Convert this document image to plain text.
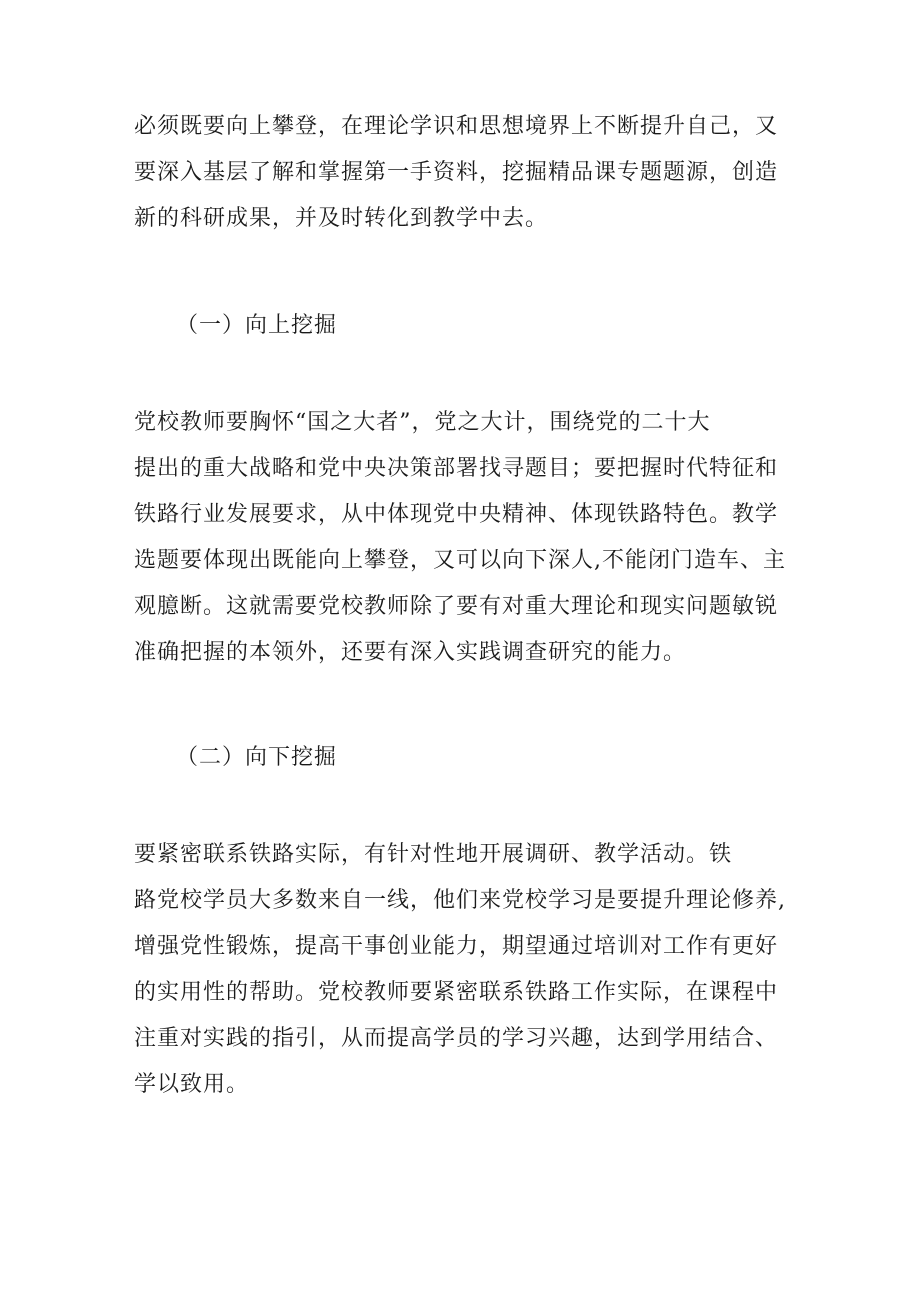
必须既要向上攀登，在理论学识和思想境界上不断提升自己，又
要深入基层了解和掌握第一手资料，挖掘精品课专题题源，创造
新的科研成果，并及时转化到教学中去。
（一）向上挖掘
党校教师要胸怀“国之大者”，党之大计，围绕党的二十大
提出的重大战略和党中央决策部署找寻题目；要把握时代特征和
铁路行业发展要求，从中体现党中央精神、体现铁路特色。教学
选题要体现出既能向上攀登，又可以向下深人,不能闭门造车、主
观臆断。这就需要党校教师除了要有对重大理论和现实问题敏锐
准确把握的本领外，还要有深入实践调查研究的能力。
（二）向下挖掘
要紧密联系铁路实际，有针对性地开展调研、教学活动。铁
路党校学员大多数来自一线，他们来党校学习是要提升理论修养,
增强党性锻炼，提高干事创业能力，期望通过培训对工作有更好
的实用性的帮助。党校教师要紧密联系铁路工作实际，在课程中
注重对实践的指引，从而提高学员的学习兴趣，达到学用结合、
学以致用。
